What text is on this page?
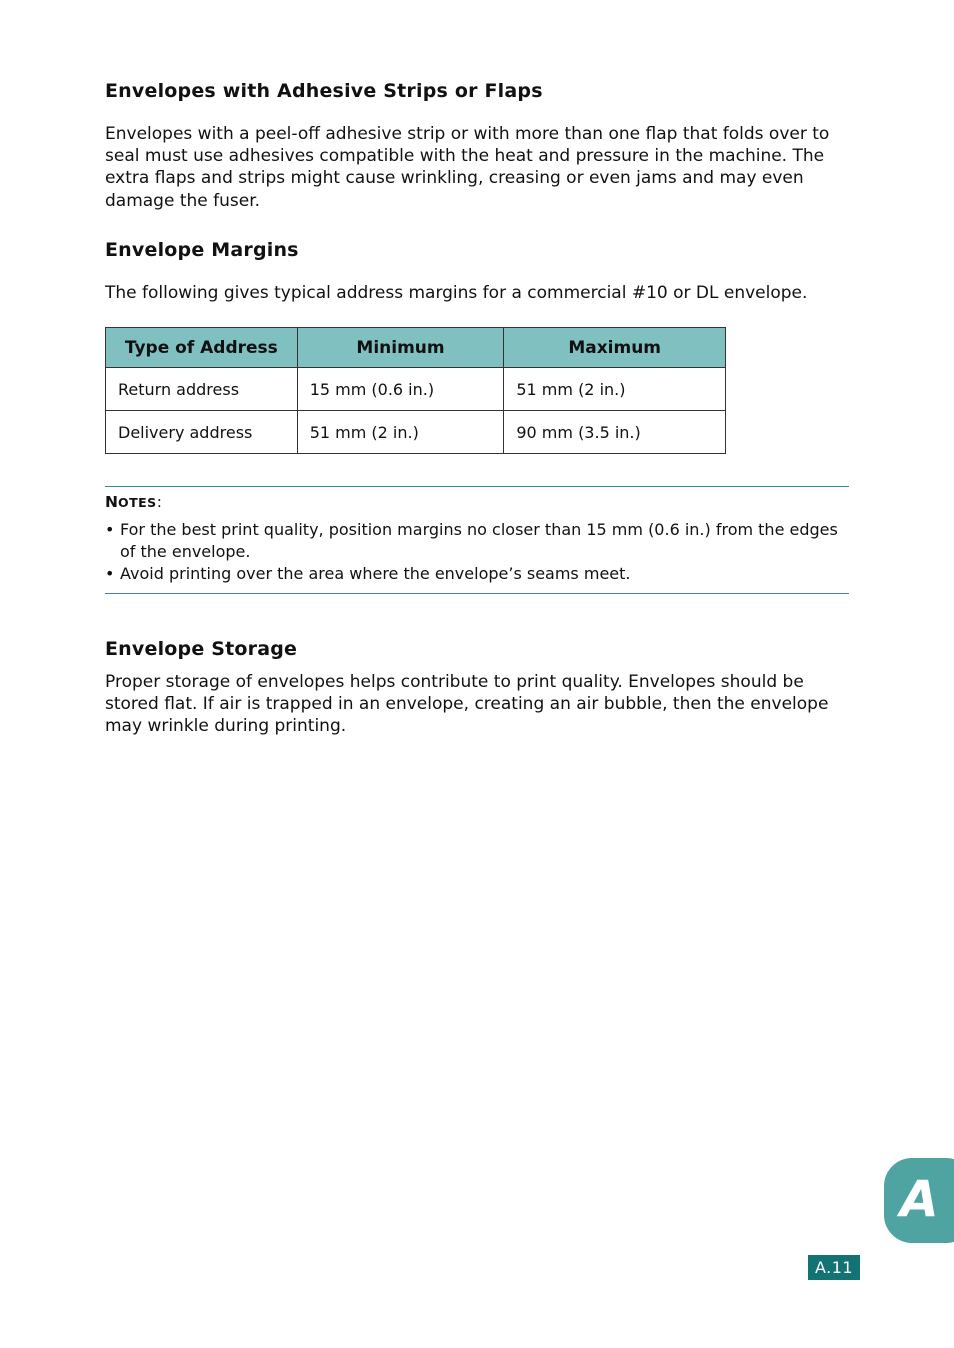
Envelopes with Adhesive Strips or Flaps

Envelopes with a peel-off adhesive strip or with more than one flap that folds over to seal must use adhesives compatible with the heat and pressure in the machine. The extra flaps and strips might cause wrinkling, creasing or even jams and may even damage the fuser.

Envelope Margins

The following gives typical address margins for a commercial #10 or DL envelope.

Type of Address	Minimum	Maximum
Return address	15 mm (0.6 in.)	51 mm (2 in.)
Delivery address	51 mm (2 in.)	90 mm (3.5 in.)

NOTES:

• For the best print quality, position margins no closer than 15 mm (0.6 in.) from the edges of the envelope.
• Avoid printing over the area where the envelope’s seams meet.
Envelope Storage

Proper storage of envelopes helps contribute to print quality. Envelopes should be stored flat. If air is trapped in an envelope, creating an air bubble, then the envelope may wrinkle during printing.

A
A.11
